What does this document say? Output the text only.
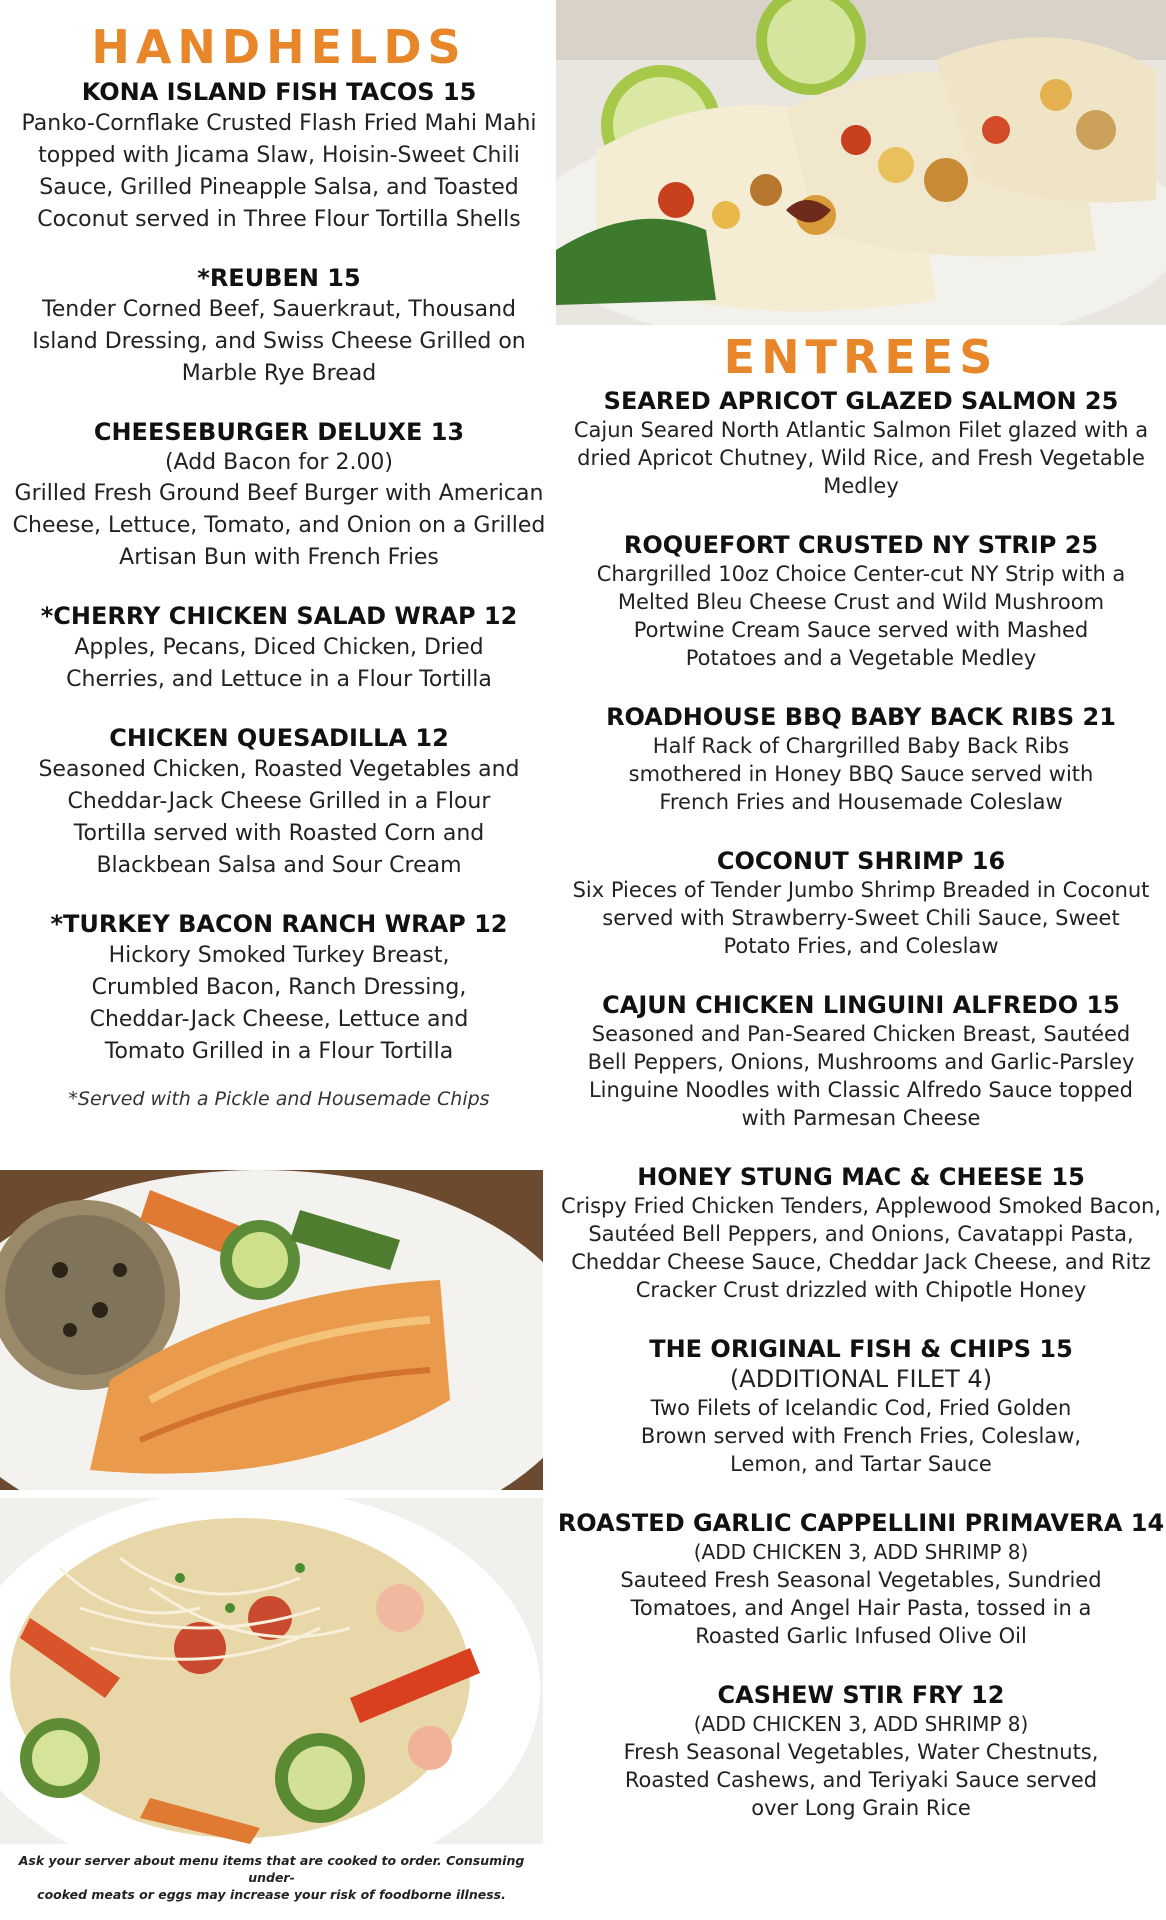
HANDHELDS
KONA ISLAND FISH TACOS 15
Panko-Cornflake Crusted Flash Fried Mahi Mahi topped with Jicama Slaw, Hoisin-Sweet Chili Sauce, Grilled Pineapple Salsa, and Toasted Coconut served in Three Flour Tortilla Shells
*REUBEN 15
Tender Corned Beef, Sauerkraut, Thousand Island Dressing, and Swiss Cheese Grilled on Marble Rye Bread
CHEESEBURGER DELUXE 13
(Add Bacon for 2.00)
Grilled Fresh Ground Beef Burger with American Cheese, Lettuce, Tomato, and Onion on a Grilled Artisan Bun with French Fries
*CHERRY CHICKEN SALAD WRAP 12
Apples, Pecans, Diced Chicken, Dried Cherries, and Lettuce in a Flour Tortilla
CHICKEN QUESADILLA 12
Seasoned Chicken, Roasted Vegetables and Cheddar-Jack Cheese Grilled in a Flour Tortilla served with Roasted Corn and Blackbean Salsa and Sour Cream
*TURKEY BACON RANCH WRAP 12
Hickory Smoked Turkey Breast, Crumbled Bacon, Ranch Dressing, Cheddar-Jack Cheese, Lettuce and Tomato Grilled in a Flour Tortilla
*Served with a Pickle and Housemade Chips
ENTREES
SEARED APRICOT GLAZED SALMON 25
Cajun Seared North Atlantic Salmon Filet glazed with a dried Apricot Chutney, Wild Rice, and Fresh Vegetable Medley
ROQUEFORT CRUSTED NY STRIP 25
Chargrilled 10oz Choice Center-cut NY Strip with a Melted Bleu Cheese Crust and Wild Mushroom Portwine Cream Sauce served with Mashed Potatoes and a Vegetable Medley
ROADHOUSE BBQ BABY BACK RIBS 21
Half Rack of Chargrilled Baby Back Ribs smothered in Honey BBQ Sauce served with French Fries and Housemade Coleslaw
COCONUT SHRIMP 16
Six Pieces of Tender Jumbo Shrimp Breaded in Coconut served with Strawberry-Sweet Chili Sauce, Sweet Potato Fries, and Coleslaw
CAJUN CHICKEN LINGUINI ALFREDO 15
Seasoned and Pan-Seared Chicken Breast, Sautéed Bell Peppers, Onions, Mushrooms and Garlic-Parsley Linguine Noodles with Classic Alfredo Sauce topped with Parmesan Cheese
HONEY STUNG MAC & CHEESE 15
Crispy Fried Chicken Tenders, Applewood Smoked Bacon, Sautéed Bell Peppers, and Onions, Cavatappi Pasta, Cheddar Cheese Sauce, Cheddar Jack Cheese, and Ritz Cracker Crust drizzled with Chipotle Honey
THE ORIGINAL FISH & CHIPS 15
(ADDITIONAL FILET 4)
Two Filets of Icelandic Cod, Fried Golden Brown served with French Fries, Coleslaw, Lemon, and Tartar Sauce
ROASTED GARLIC CAPPELLINI PRIMAVERA 14
(ADD CHICKEN 3, ADD SHRIMP 8)
Sauteed Fresh Seasonal Vegetables, Sundried Tomatoes, and Angel Hair Pasta, tossed in a Roasted Garlic Infused Olive Oil
CASHEW STIR FRY 12
(ADD CHICKEN 3, ADD SHRIMP 8)
Fresh Seasonal Vegetables, Water Chestnuts, Roasted Cashews, and Teriyaki Sauce served over Long Grain Rice
Ask your server about menu items that are cooked to order. Consuming under-
cooked meats or eggs may increase your risk of foodborne illness.
